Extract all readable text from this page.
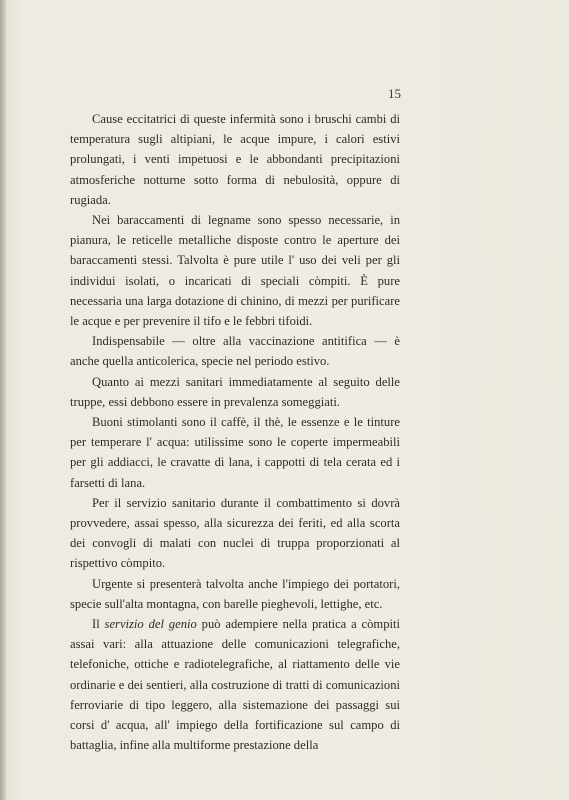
15

Cause eccitatrici di queste infermità sono i bruschi cambi di temperatura sugli altipiani, le acque impure, i calori estivi prolungati, i venti impetuosi e le abbondanti precipitazioni atmosferiche notturne sotto forma di nebulosità, oppure di rugiada.

Nei baraccamenti di legname sono spesso necessarie, in pianura, le reticelle metalliche disposte contro le aperture dei baraccamenti stessi. Talvolta è pure utile l' uso dei veli per gli individui isolati, o incaricati di speciali còmpiti. È pure necessaria una larga dotazione di chinino, di mezzi per purificare le acque e per prevenire il tifo e le febbri tifoidi.

Indispensabile — oltre alla vaccinazione antitifica — è anche quella anticolerica, specie nel periodo estivo.

Quanto ai mezzi sanitari immediatamente al seguito delle truppe, essi debbono essere in prevalenza someggiati.

Buoni stimolanti sono il caffè, il thè, le essenze e le tinture per temperare l' acqua: utilissime sono le coperte impermeabili per gli addiacci, le cravatte di lana, i cappotti di tela cerata ed i farsetti di lana.

Per il servizio sanitario durante il combattimento si dovrà provvedere, assai spesso, alla sicurezza dei feriti, ed alla scorta dei convogli di malati con nuclei di truppa proporzionati al rispettivo còmpito.

Urgente si presenterà talvolta anche l'impiego dei portatori, specie sull'alta montagna, con barelle pieghevoli, lettighe, etc.

Il servizio del genio può adempiere nella pratica a còmpiti assai vari: alla attuazione delle comunicazioni telegrafiche, telefoniche, ottiche e radiotelegrafiche, al riattamento delle vie ordinarie e dei sentieri, alla costruzione di tratti di comunicazioni ferroviarie di tipo leggero, alla sistemazione dei passaggi sui corsi d' acqua, all' impiego della fortificazione sul campo di battaglia, infine alla multiforme prestazione della
